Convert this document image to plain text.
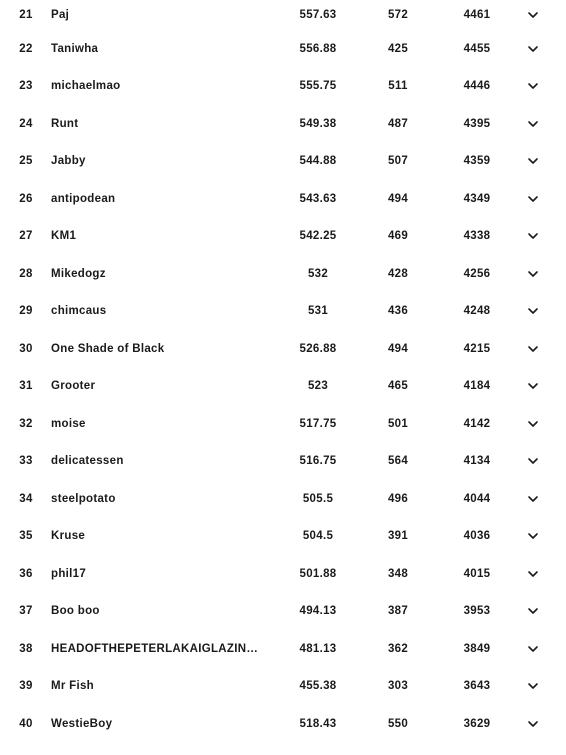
21	Paj	557.63	572	4461
22	Taniwha	556.88	425	4455
23	michaelmao	555.75	511	4446
24	Runt	549.38	487	4395
25	Jabby	544.88	507	4359
26	antipodean	543.63	494	4349
27	KM1	542.25	469	4338
28	Mikedogz	532	428	4256
29	chimcaus	531	436	4248
30	One Shade of Black	526.88	494	4215
31	Grooter	523	465	4184
32	moise	517.75	501	4142
33	delicatessen	516.75	564	4134
34	steelpotato	505.5	496	4044
35	Kruse	504.5	391	4036
36	phil17	501.88	348	4015
37	Boo boo	494.13	387	3953
38	HEADOFTHEPETERLAKAIGLAZING...	481.13	362	3849
39	Mr Fish	455.38	303	3643
40	WestieBoy	518.43	550	3629
